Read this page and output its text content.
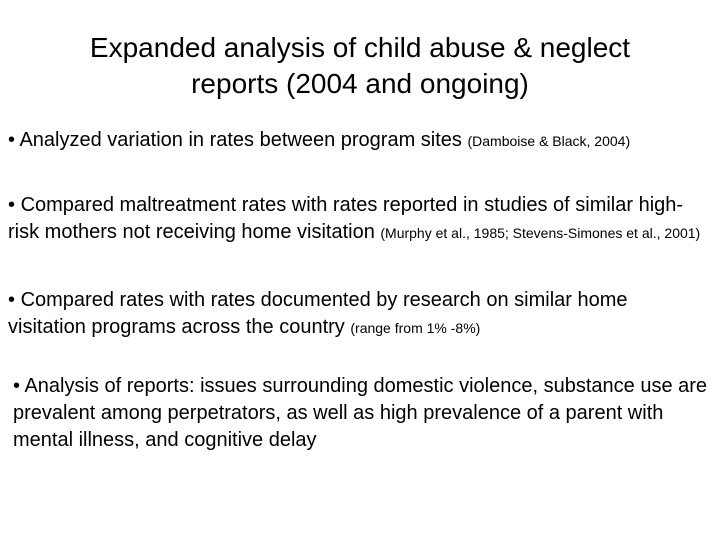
Expanded analysis of child abuse & neglect
reports (2004 and ongoing)
• Analyzed variation in rates between program sites (Damboise & Black, 2004)
• Compared maltreatment rates with rates reported in studies of similar high-risk mothers not receiving home visitation (Murphy et al., 1985; Stevens-Simones et al., 2001)
• Compared rates with rates documented by research on similar home visitation programs across the country (range from 1% -8%)
• Analysis of reports: issues surrounding domestic violence, substance use are prevalent among perpetrators, as well as high prevalence of a parent with mental illness, and cognitive delay
